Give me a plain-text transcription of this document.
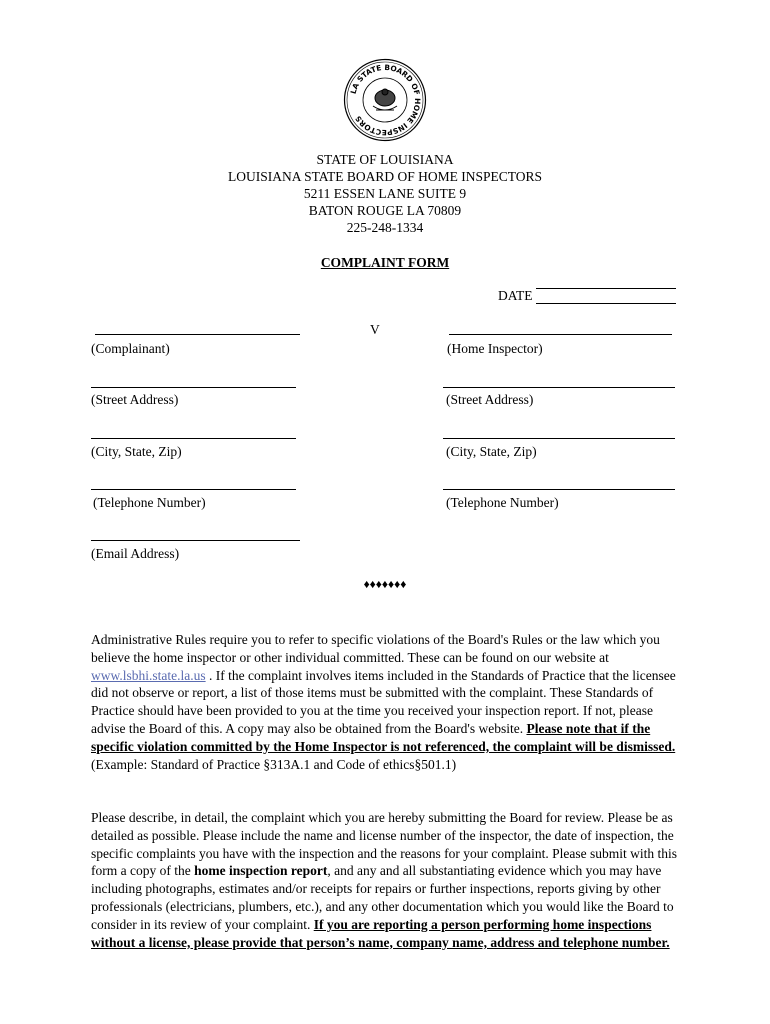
LA STATE BOARD OF HOME INSPECTORS
STATE OF LOUISIANA
LOUISIANA STATE BOARD OF HOME INSPECTORS
5211 ESSEN LANE SUITE 9
BATON ROUGE LA 70809
225-248-1334
COMPLAINT FORM
DATE
(Complainant)
(Street Address)
(City, State, Zip)
(Telephone Number)
(Email Address)
V
(Home Inspector)
(Street Address)
(City, State, Zip)
(Telephone Number)
♦♦♦♦♦♦♦
Administrative Rules require you to refer to specific violations of the Board's Rules or the law which you believe the home inspector or other individual committed. These can be found on our website at www.lsbhi.state.la.us . If the complaint involves items included in the Standards of Practice that the licensee did not observe or report, a list of those items must be submitted with the complaint. These Standards of Practice should have been provided to you at the time you received your inspection report. If not, please advise the Board of this. A copy may also be obtained from the Board's website. Please note that if the specific violation committed by the Home Inspector is not referenced, the complaint will be dismissed. (Example: Standard of Practice §313A.1 and Code of ethics§501.1)
Please describe, in detail, the complaint which you are hereby submitting the Board for review. Please be as detailed as possible. Please include the name and license number of the inspector, the date of inspection, the specific complaints you have with the inspection and the reasons for your complaint. Please submit with this form a copy of the home inspection report, and any and all substantiating evidence which you may have including photographs, estimates and/or receipts for repairs or further inspections, reports giving by other professionals (electricians, plumbers, etc.), and any other documentation which you would like the Board to consider in its review of your complaint. If you are reporting a person performing home inspections without a license, please provide that person’s name, company name, address and telephone number.
